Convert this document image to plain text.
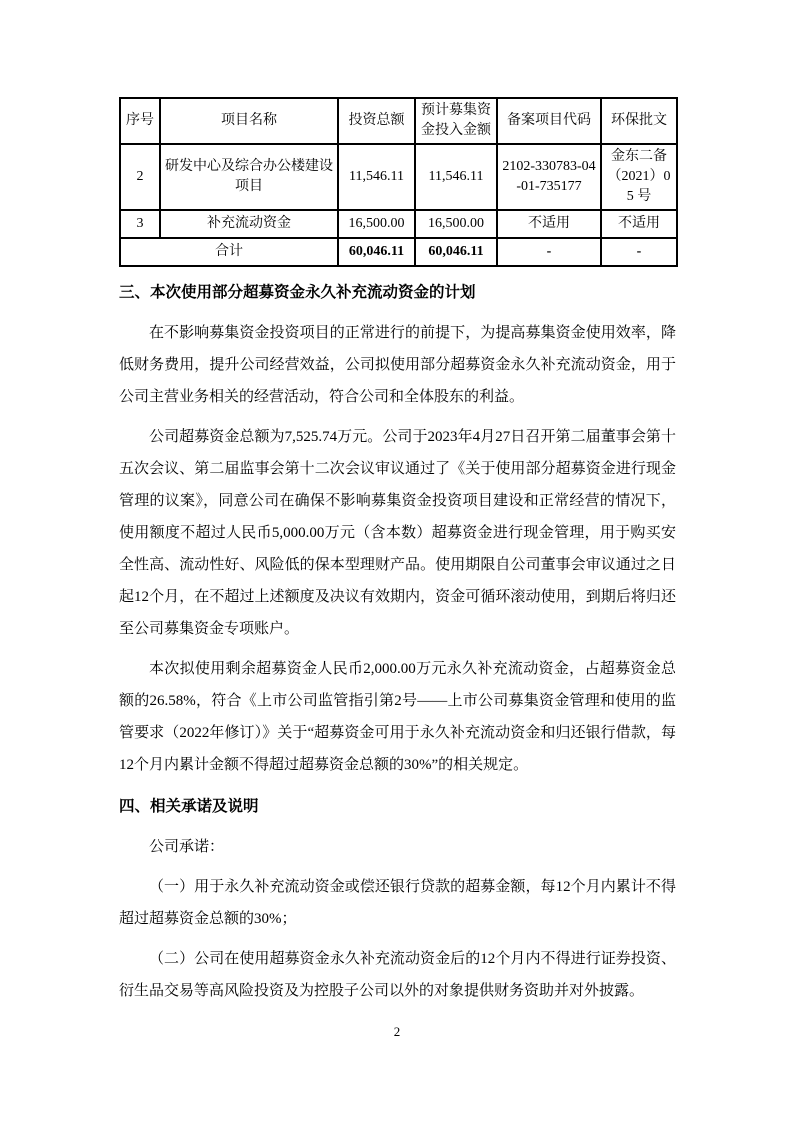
序号	项目名称	投资总额	预计募集资金投入金额	备案项目代码	环保批文
2	研发中心及综合办公楼建设项目	11,546.11	11,546.11	2102-330783-04-01-735177	金东二备（2021）05 号
3	补充流动资金	16,500.00	16,500.00	不适用	不适用
合计		60,046.11	60,046.11	-	-
三、本次使用部分超募资金永久补充流动资金的计划

在不影响募集资金投资项目的正常进行的前提下，为提高募集资金使用效率，降低财务费用，提升公司经营效益，公司拟使用部分超募资金永久补充流动资金，用于公司主营业务相关的经营活动，符合公司和全体股东的利益。

公司超募资金总额为7,525.74万元。公司于2023年4月27日召开第二届董事会第十五次会议、第二届监事会第十二次会议审议通过了《关于使用部分超募资金进行现金管理的议案》，同意公司在确保不影响募集资金投资项目建设和正常经营的情况下，使用额度不超过人民币5,000.00万元（含本数）超募资金进行现金管理，用于购买安全性高、流动性好、风险低的保本型理财产品。使用期限自公司董事会审议通过之日起12个月，在不超过上述额度及决议有效期内，资金可循环滚动使用，到期后将归还至公司募集资金专项账户。

本次拟使用剩余超募资金人民币2,000.00万元永久补充流动资金，占超募资金总额的26.58%，符合《上市公司监管指引第2号——上市公司募集资金管理和使用的监管要求（2022年修订）》关于“超募资金可用于永久补充流动资金和归还银行借款，每12个月内累计金额不得超过超募资金总额的30%”的相关规定。

四、相关承诺及说明

公司承诺：

（一）用于永久补充流动资金或偿还银行贷款的超募金额，每12个月内累计不得超过超募资金总额的30%；

（二）公司在使用超募资金永久补充流动资金后的12个月内不得进行证券投资、衍生品交易等高风险投资及为控股子公司以外的对象提供财务资助并对外披露。

2
